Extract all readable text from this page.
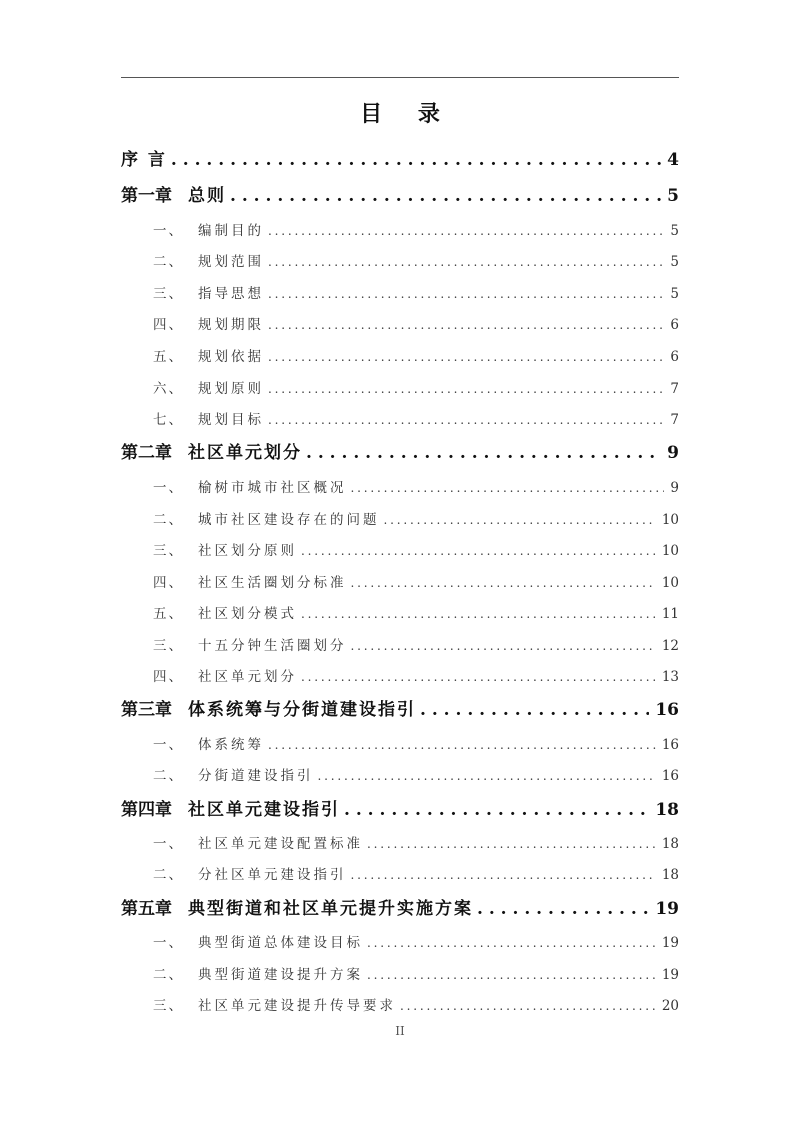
目 录
序 言 . . .	4
第一章 总则 . . .	5
一、 编制目的 . . .	5
二、 规划范围 . . .	5
三、 指导思想 . . .	5
四、 规划期限 . . .	6
五、 规划依据 . . .	6
六、 规划原则 . . .	7
七、 规划目标 . . .	7
第二章 社区单元划分 . . .	9
一、 榆树市城市社区概况 . . .	9
二、 城市社区建设存在的问题 . . .	10
三、 社区划分原则 . . .	10
四、 社区生活圈划分标准 . . .	10
五、 社区划分模式 . . .	11
三、 十五分钟生活圈划分 . . .	12
四、 社区单元划分 . . .	13
第三章 体系统筹与分街道建设指引 . . .	16
一、 体系统筹 . . .	16
二、 分街道建设指引 . . .	16
第四章 社区单元建设指引 . . .	18
一、 社区单元建设配置标准 . . .	18
二、 分社区单元建设指引 . . .	18
第五章 典型街道和社区单元提升实施方案 . . .	19
一、 典型街道总体建设目标 . . .	19
二、 典型街道建设提升方案 . . .	19
三、 社区单元建设提升传导要求 . . .	20
II
